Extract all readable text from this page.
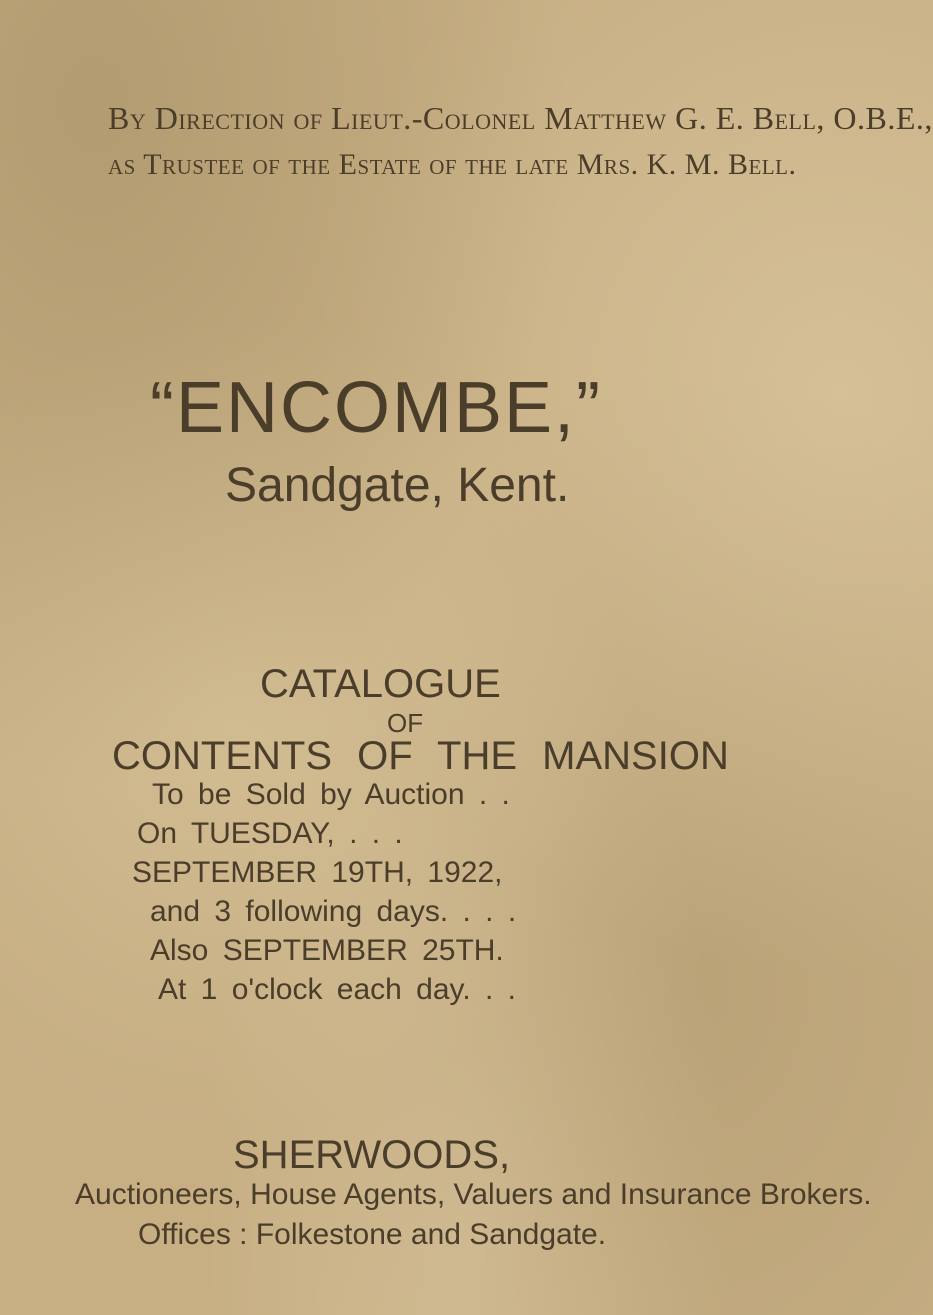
By Direction of Lieut.-Colonel Matthew G. E. Bell, O.B.E.,
as Trustee of the Estate of the late Mrs. K. M. Bell.
“ENCOMBE,”
Sandgate, Kent.
CATALOGUE
OF
CONTENTS OF THE MANSION
To be Sold by Auction . .
On TUESDAY, . . .
SEPTEMBER 19TH, 1922,
and 3 following days. . . .
Also SEPTEMBER 25TH.
At 1 o'clock each day. . .
SHERWOODS,
Auctioneers, House Agents, Valuers and Insurance Brokers.
Offices : Folkestone and Sandgate.
